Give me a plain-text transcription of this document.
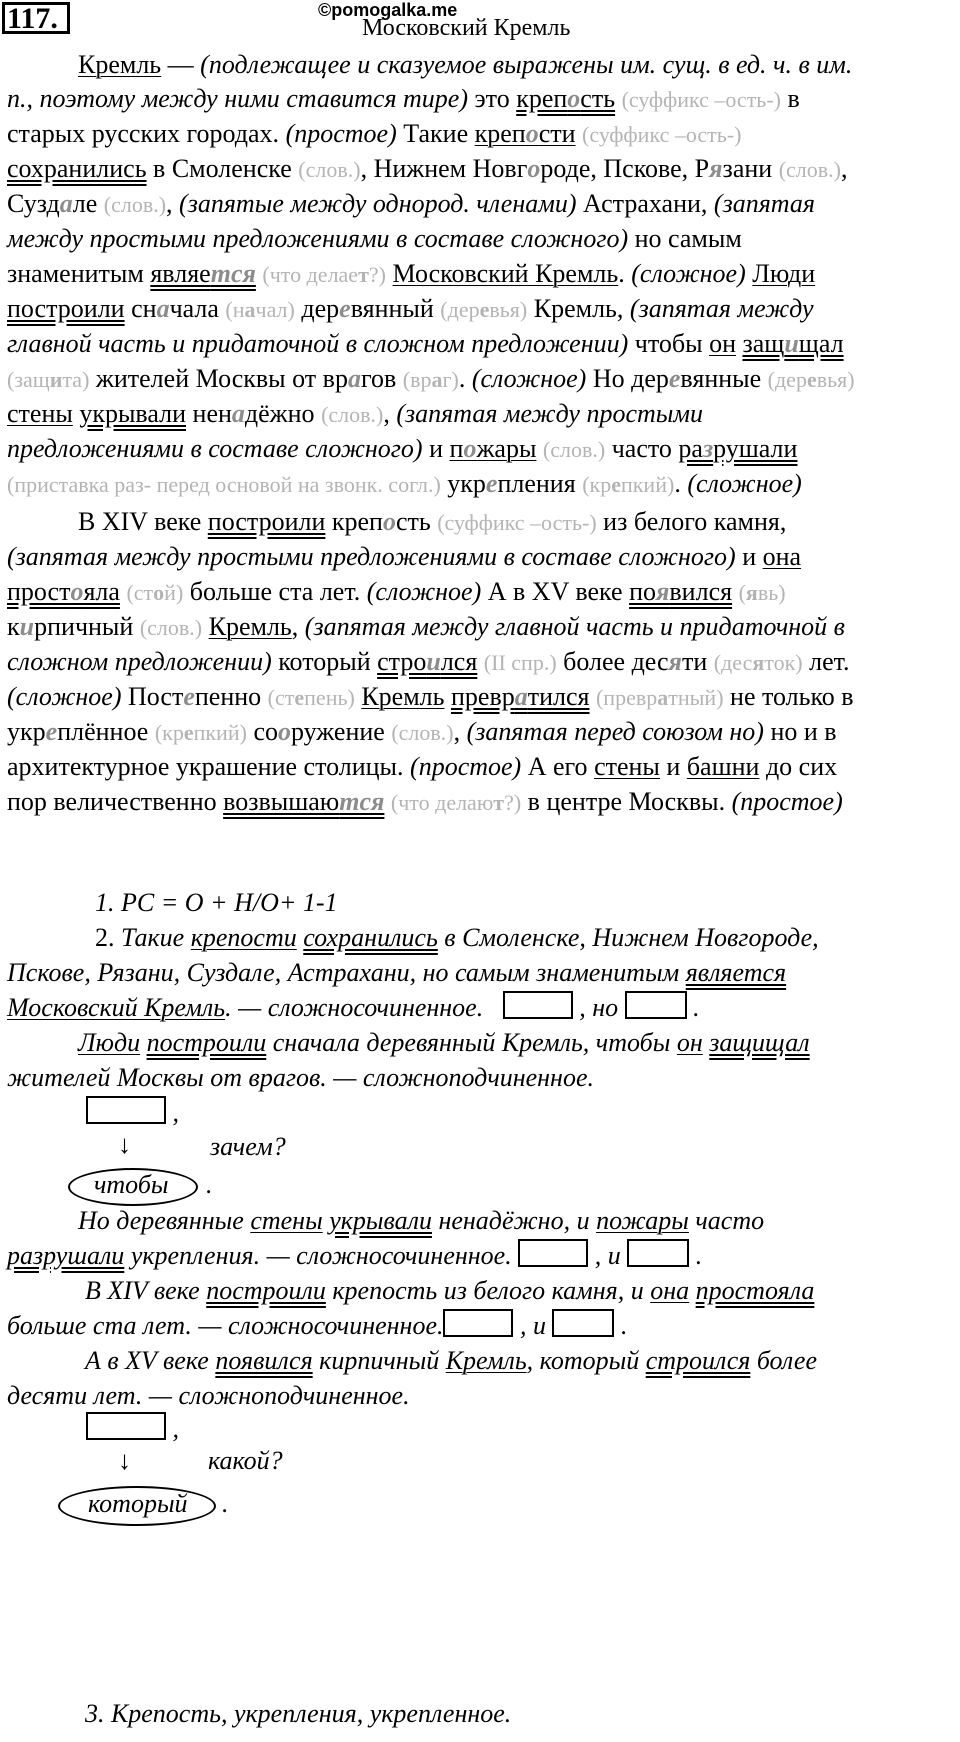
117.	©pomogalka.me
Московский Кремль
Кремль — (подлежащее и сказуемое выражены им. сущ. в ед. ч. в им.
п., поэтому между ними ставится тире) это крепость (суффикс –ость-) в
старых русских городах. (простое) Такие крепости (суффикс –ость-)
сохранились в Смоленске (слов.), Нижнем Новгороде, Пскове, Рязани (слов.),
Суздале (слов.), (запятые между однород. членами) Астрахани, (запятая
между простыми предложениями в составе сложного) но самым
знаменитым является (что делает?) Московский Кремль. (сложное) Люди
построили сначала (начал) деревянный (деревья) Кремль, (запятая между
главной часть и придаточной в сложном предложении) чтобы он защищал
(защита) жителей Москвы от врагов (враг). (сложное) Но деревянные (деревья)
стены укрывали ненадёжно (слов.), (запятая между простыми
предложениями в составе сложного) и пожары (слов.) часто разрушали
(приставка раз- перед основой на звонк. согл.) укрепления (крепкий). (сложное)
В XIV веке построили крепость (суффикс –ость-) из белого камня,
(запятая между простыми предложениями в составе сложного) и она
простояла (стой) больше ста лет. (сложное) А в XV веке появился (явь)
кирпичный (слов.) Кремль, (запятая между главной часть и придаточной в
сложном предложении) который строился (II спр.) более десяти (десяток) лет.
(сложное) Постепенно (степень) Кремль превратился (превратный) не только в
укреплённое (крепкий) сооружение (слов.), (запятая перед союзом но) но и в
архитектурное украшение столицы. (простое) А его стены и башни до сих
пор величественно возвышаются (что делают?) в центре Москвы. (простое)
1. РС = О + Н/О+ 1-1
2. Такие крепости сохранились в Смоленске, Нижнем Новгороде,
Пскове, Рязани, Суздале, Астрахани, но самым знаменитым является
Московский Кремль. — сложносочиненное.	, но  .
Люди построили сначала деревянный Кремль, чтобы он защищал
жителей Москвы от врагов. — сложноподчиненное.
,
↓	зачем?
чтобы .
Но деревянные стены укрывали ненадёжно, и пожары часто
разрушали укрепления. — сложносочиненное.	, и  .
В XIV веке построили крепость из белого камня, и она простояла
больше ста лет. — сложносочиненное.	, и  .
А в XV веке появился кирпичный Кремль, который строился более
десяти лет. — сложноподчиненное.
,
↓	какой?
который .
3. Крепость, укрепления, укрепленное.
